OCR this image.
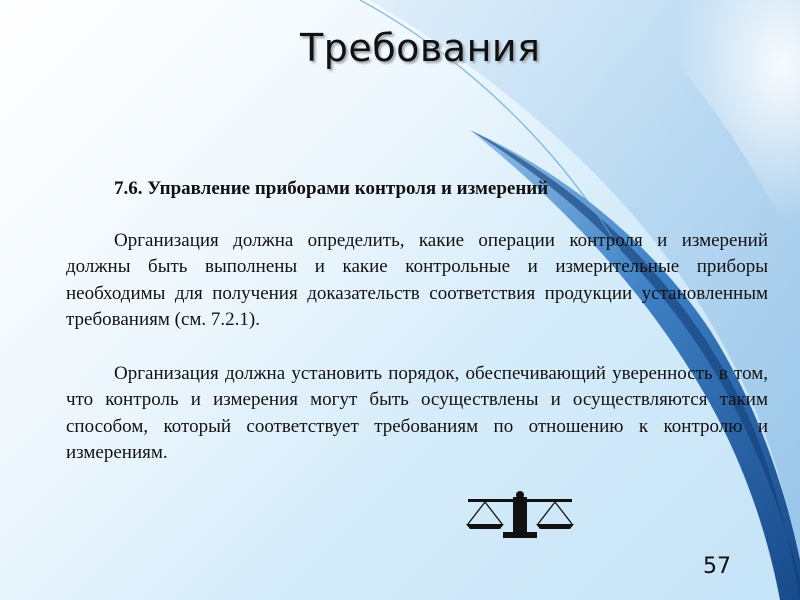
Требования

7.6. Управление приборами контроля и измерений

Организация должна определить, какие операции контроля и измерений должны быть выполнены и какие контрольные и измерительные приборы необходимы для получения доказательств соответствия продукции установленным требованиям (см. 7.2.1).

Организация должна установить порядок, обеспечивающий уверенность в том, что контроль и измерения могут быть осуществлены и осуществляются таким способом, который соответствует требованиям по отношению к контролю и измерениям.

57
